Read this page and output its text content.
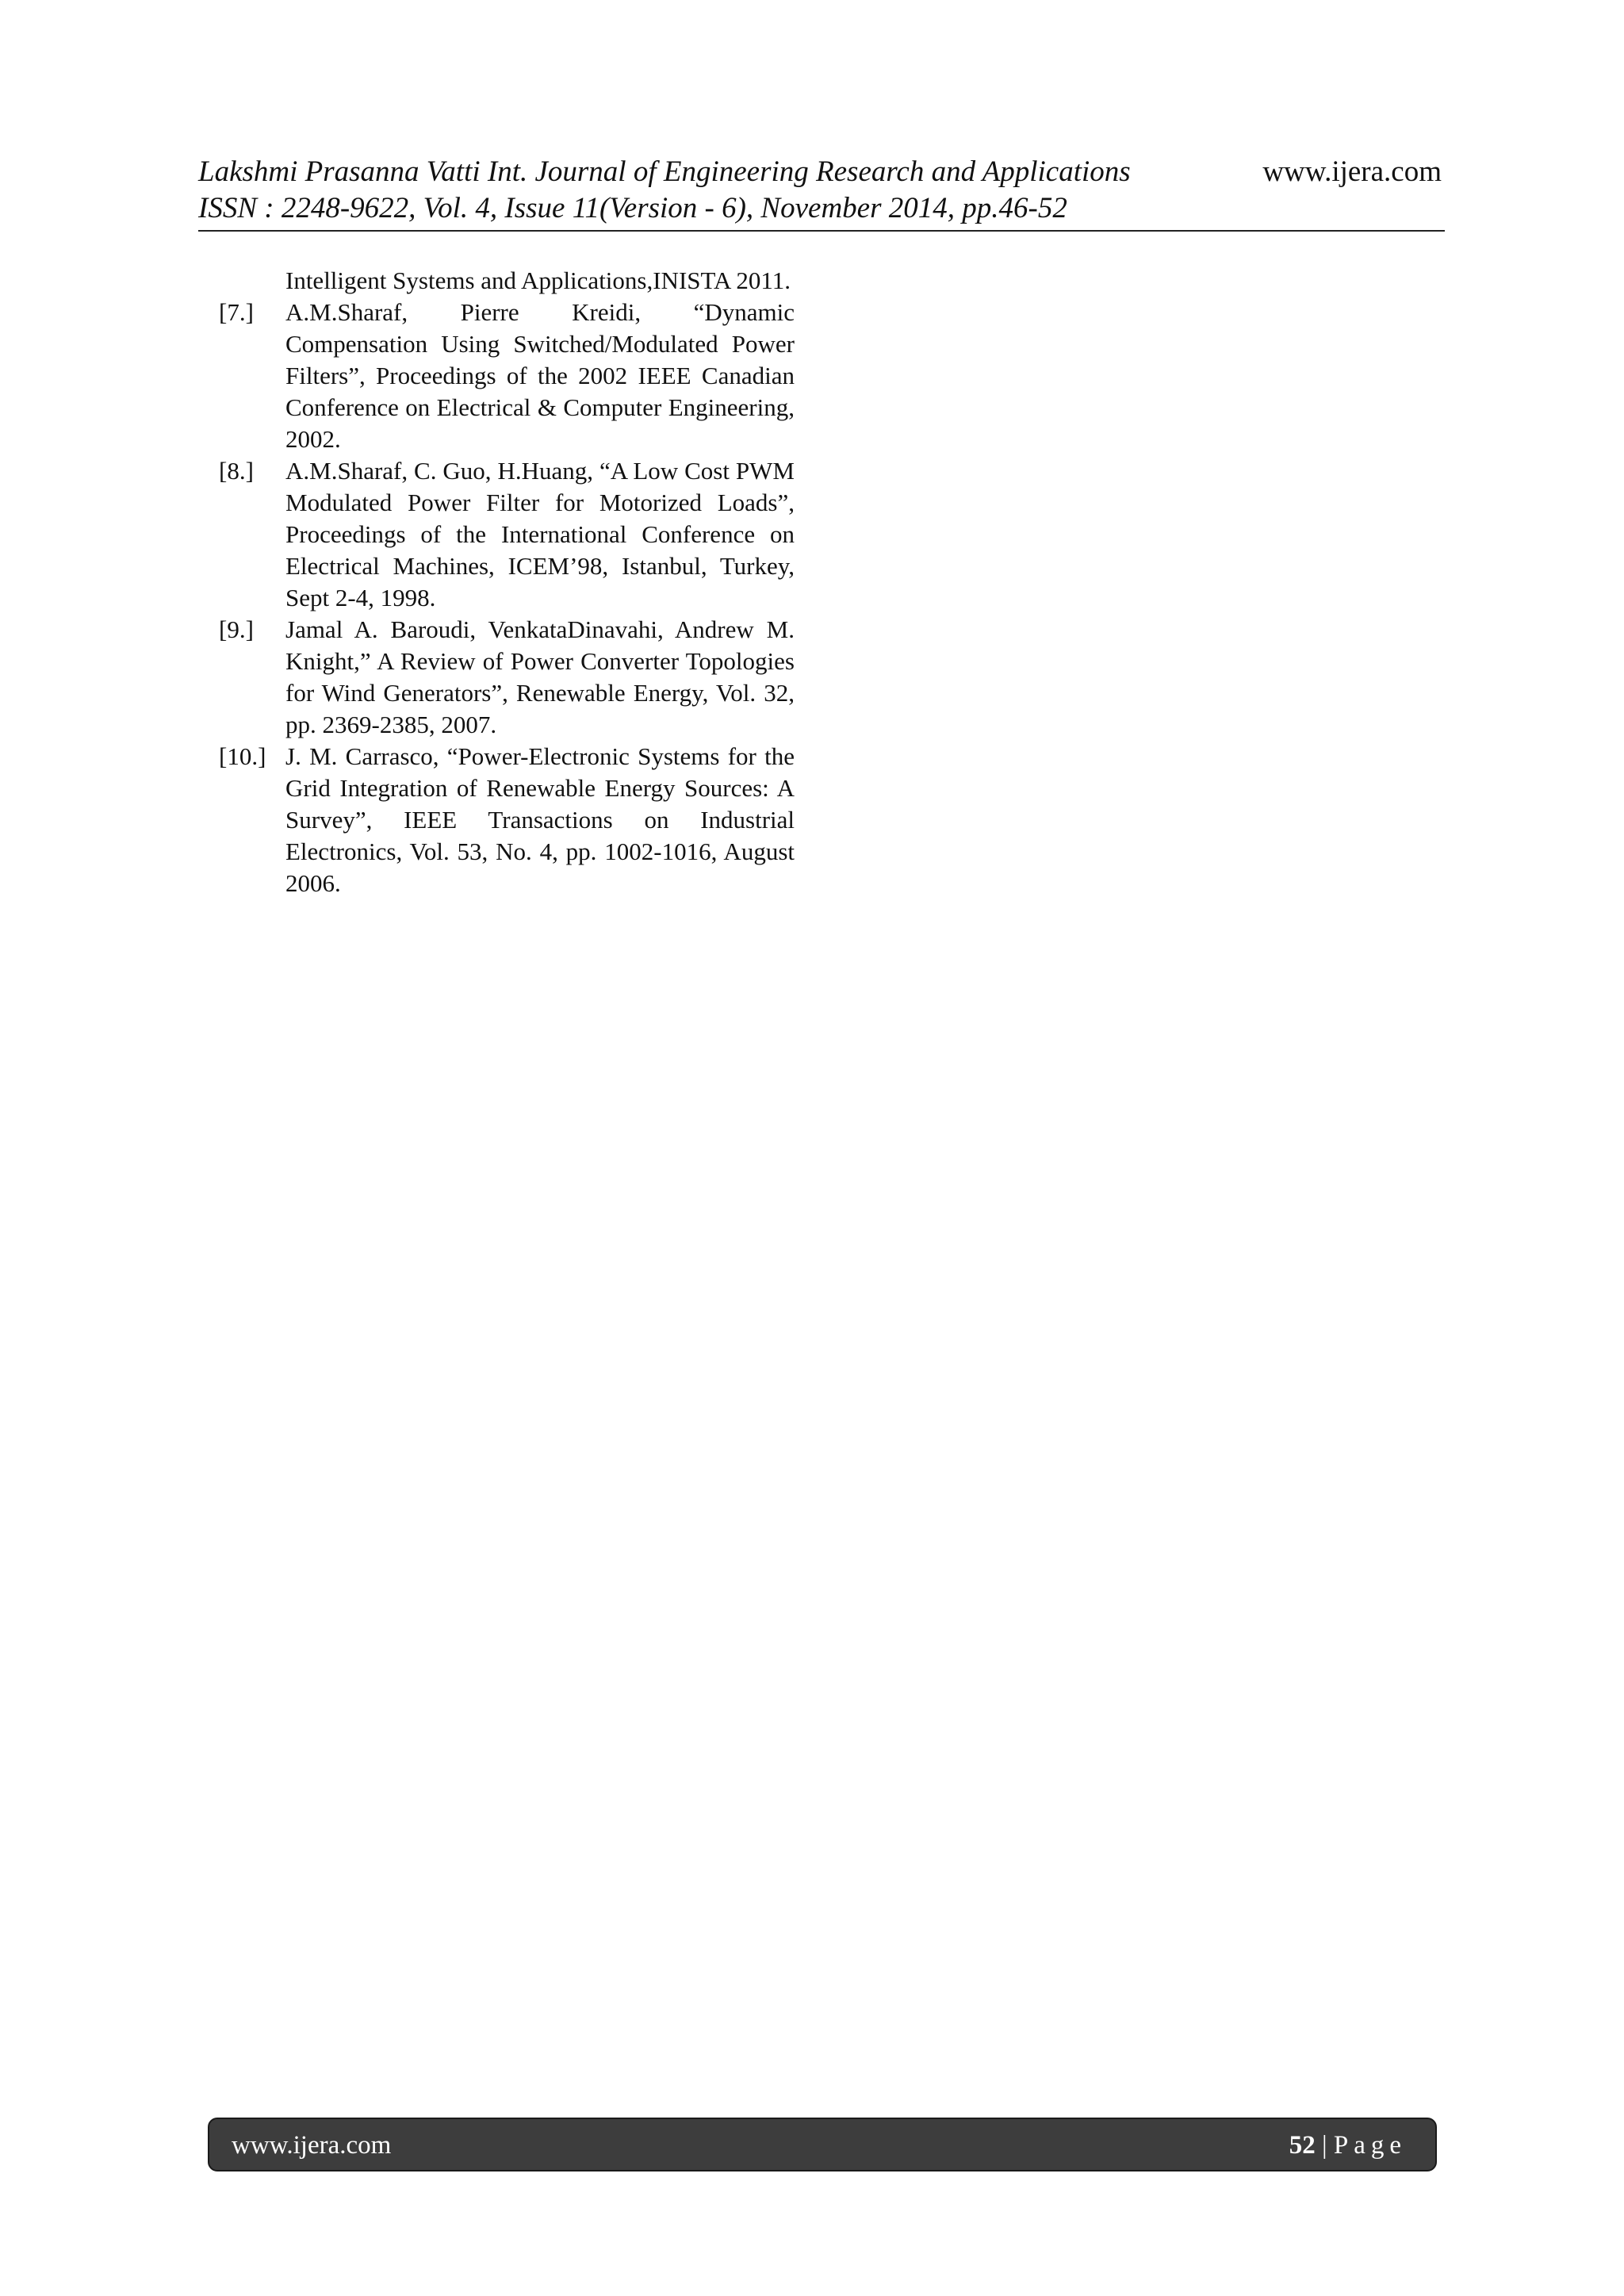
Lakshmi Prasanna Vatti Int. Journal of Engineering Research and Applications
ISSN : 2248-9622, Vol. 4, Issue 11(Version - 6), November 2014, pp.46-52
www.ijera.com
Intelligent Systems and Applications,INISTA 2011.
[7.] A.M.Sharaf, Pierre Kreidi, “Dynamic Compensation Using Switched/Modulated Power Filters”, Proceedings of the 2002 IEEE Canadian Conference on Electrical & Computer Engineering, 2002.
[8.] A.M.Sharaf, C. Guo, H.Huang, “A Low Cost PWM Modulated Power Filter for Motorized Loads”, Proceedings of the International Conference on Electrical Machines, ICEM’98, Istanbul, Turkey, Sept 2-4, 1998.
[9.] Jamal A. Baroudi, VenkataDinavahi, Andrew M. Knight,” A Review of Power Converter Topologies for Wind Generators”, Renewable Energy, Vol. 32, pp. 2369-2385, 2007.
[10.] J. M. Carrasco, “Power-Electronic Systems for the Grid Integration of Renewable Energy Sources: A Survey”, IEEE Transactions on Industrial Electronics, Vol. 53, No. 4, pp. 1002-1016, August 2006.
www.ijera.com	52 | Page
